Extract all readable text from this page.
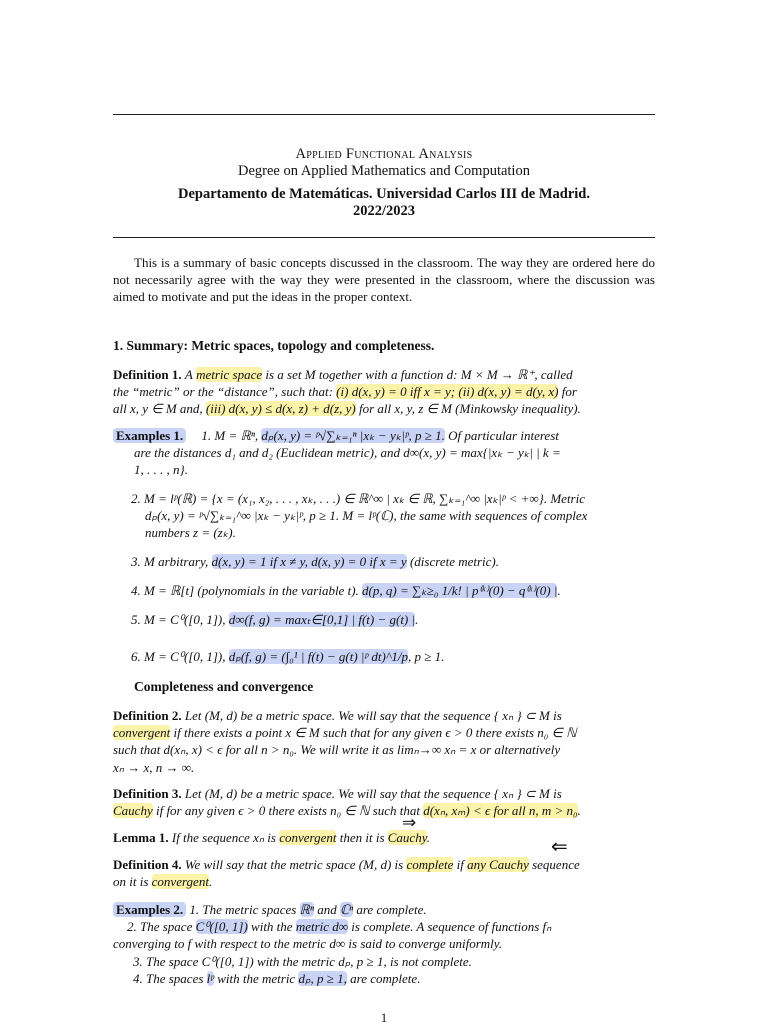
Applied Functional Analysis
Degree on Applied Mathematics and Computation
Departamento de Matemáticas. Universidad Carlos III de Madrid.
2022/2023
This is a summary of basic concepts discussed in the classroom. The way they are ordered here do not necessarily agree with the way they were presented in the classroom, where the discussion was aimed to motivate and put the ideas in the proper context.
1. Summary: Metric spaces, topology and completeness.
Definition 1. A metric space is a set M together with a function d: M × M → ℝ⁺, called
the “metric” or the “distance”, such that: (i) d(x, y) = 0 iff x = y; (ii) d(x, y) = d(y, x) for
all x, y ∈ M and, (iii) d(x, y) ≤ d(x, z) + d(z, y) for all x, y, z ∈ M (Minkowsky inequality).
Examples 1. 1. M = ℝⁿ, dₚ(x, y) = ᵖ√∑ₖ₌₁ⁿ |xₖ − yₖ|ᵖ, p ≥ 1. Of particular interest
are the distances d₁ and d₂ (Euclidean metric), and d∞(x, y) = max{|xₖ − yₖ| | k =
1, . . . , n}.
2. M = lᵖ(ℝ) = {x = (x₁, x₂, . . . , xₖ, . . .) ∈ ℝ^∞ | xₖ ∈ ℝ, ∑ₖ₌₁^∞ |xₖ|ᵖ < +∞}. Metric
dₚ(x, y) = ᵖ√∑ₖ₌₁^∞ |xₖ − yₖ|ᵖ, p ≥ 1. M = lᵖ(ℂ), the same with sequences of complex
numbers z = (zₖ).
3. M arbitrary, d(x, y) = 1 if x ≠ y, d(x, y) = 0 if x = y (discrete metric).
4. M = ℝ[t] (polynomials in the variable t). d(p, q) = ∑ₖ≥₀ 1/k! | p⁽ᵏ⁾(0) − q⁽ᵏ⁾(0) |.
5. M = C⁰([0, 1]), d∞(f, g) = maxₜ∈[0,1] | f(t) − g(t) |.
6. M = C⁰([0, 1]), dₚ(f, g) = (∫₀¹ | f(t) − g(t) |ᵖ dt)^1/p, p ≥ 1.
Completeness and convergence
Definition 2. Let (M, d) be a metric space. We will say that the sequence { xₙ } ⊂ M is
convergent if there exists a point x ∈ M such that for any given ϵ > 0 there exists n₀ ∈ ℕ
such that d(xₙ, x) < ϵ for all n > n₀. We will write it as limₙ→∞ xₙ = x or alternatively
xₙ → x, n → ∞.
Definition 3. Let (M, d) be a metric space. We will say that the sequence { xₙ } ⊂ M is
Cauchy if for any given ϵ > 0 there exists n₀ ∈ ℕ such that d(xₙ, xₘ) < ϵ for all n, m > n₀.
Lemma 1. If the sequence xₙ is convergent then it is Cauchy.
⇒
⇐
Definition 4. We will say that the metric space (M, d) is complete if any Cauchy sequence
on it is convergent.
Examples 2. 1. The metric spaces ℝⁿ and ℂⁿ are complete.
2. The space C⁰([0, 1]) with the metric d∞ is complete. A sequence of functions fₙ
converging to f with respect to the metric d∞ is said to converge uniformly.
3. The space C⁰([0, 1]) with the metric dₚ, p ≥ 1, is not complete.
4. The spaces lᵖ with the metric dₚ, p ≥ 1, are complete.
1
